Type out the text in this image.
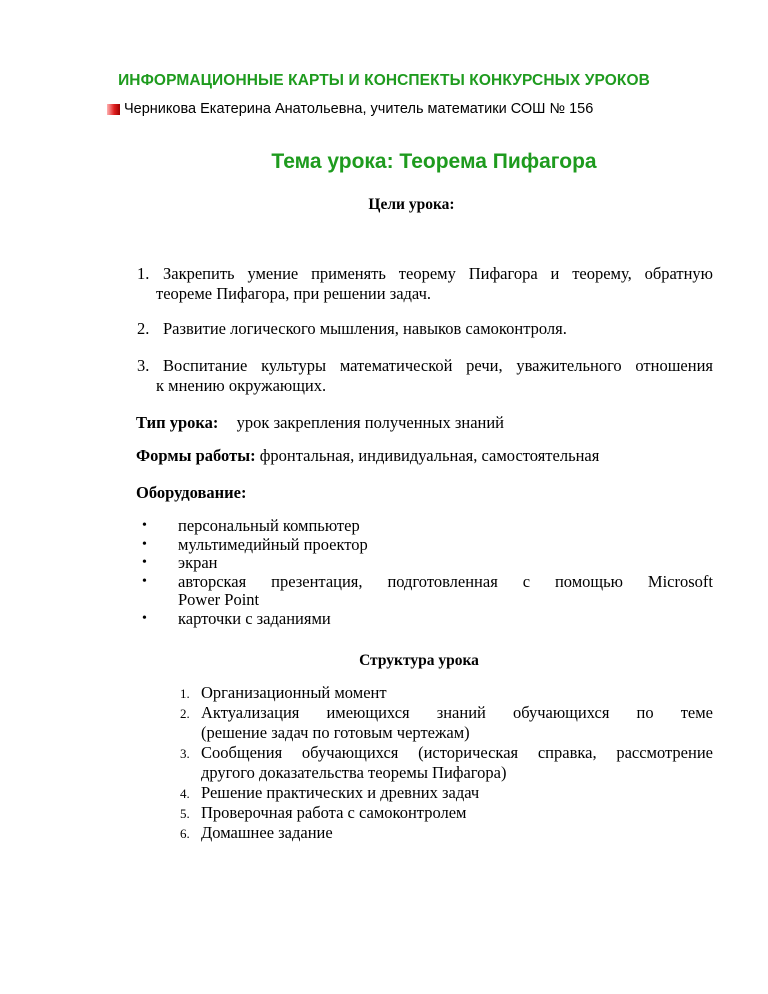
ИНФОРМАЦИОННЫЕ КАРТЫ И КОНСПЕКТЫ КОНКУРСНЫХ УРОКОВ
Черникова Екатерина Анатольевна, учитель математики СОШ № 156
Тема урока: Теорема Пифагора
Цели урока:
1. Закрепить умение применять теорему Пифагора и теорему, обратную
теореме Пифагора, при решении задач.
2. Развитие логического мышления, навыков самоконтроля.
3. Воспитание культуры математической речи, уважительного отношения
к мнению окружающих.
Тип урока: урок закрепления полученных знаний
Формы работы: фронтальная, индивидуальная, самостоятельная
Оборудование:
• персональный компьютер
• мультимедийный проектор
• экран
• авторская презентация, подготовленная с помощью Microsoft
Power Point
• карточки с заданиями
Структура урока
1. Организационный момент
2. Актуализация имеющихся знаний обучающихся по теме
(решение задач по готовым чертежам)
3. Сообщения обучающихся (историческая справка, рассмотрение
другого доказательства теоремы Пифагора)
4. Решение практических и древних задач
5. Проверочная работа с самоконтролем
6. Домашнее задание
